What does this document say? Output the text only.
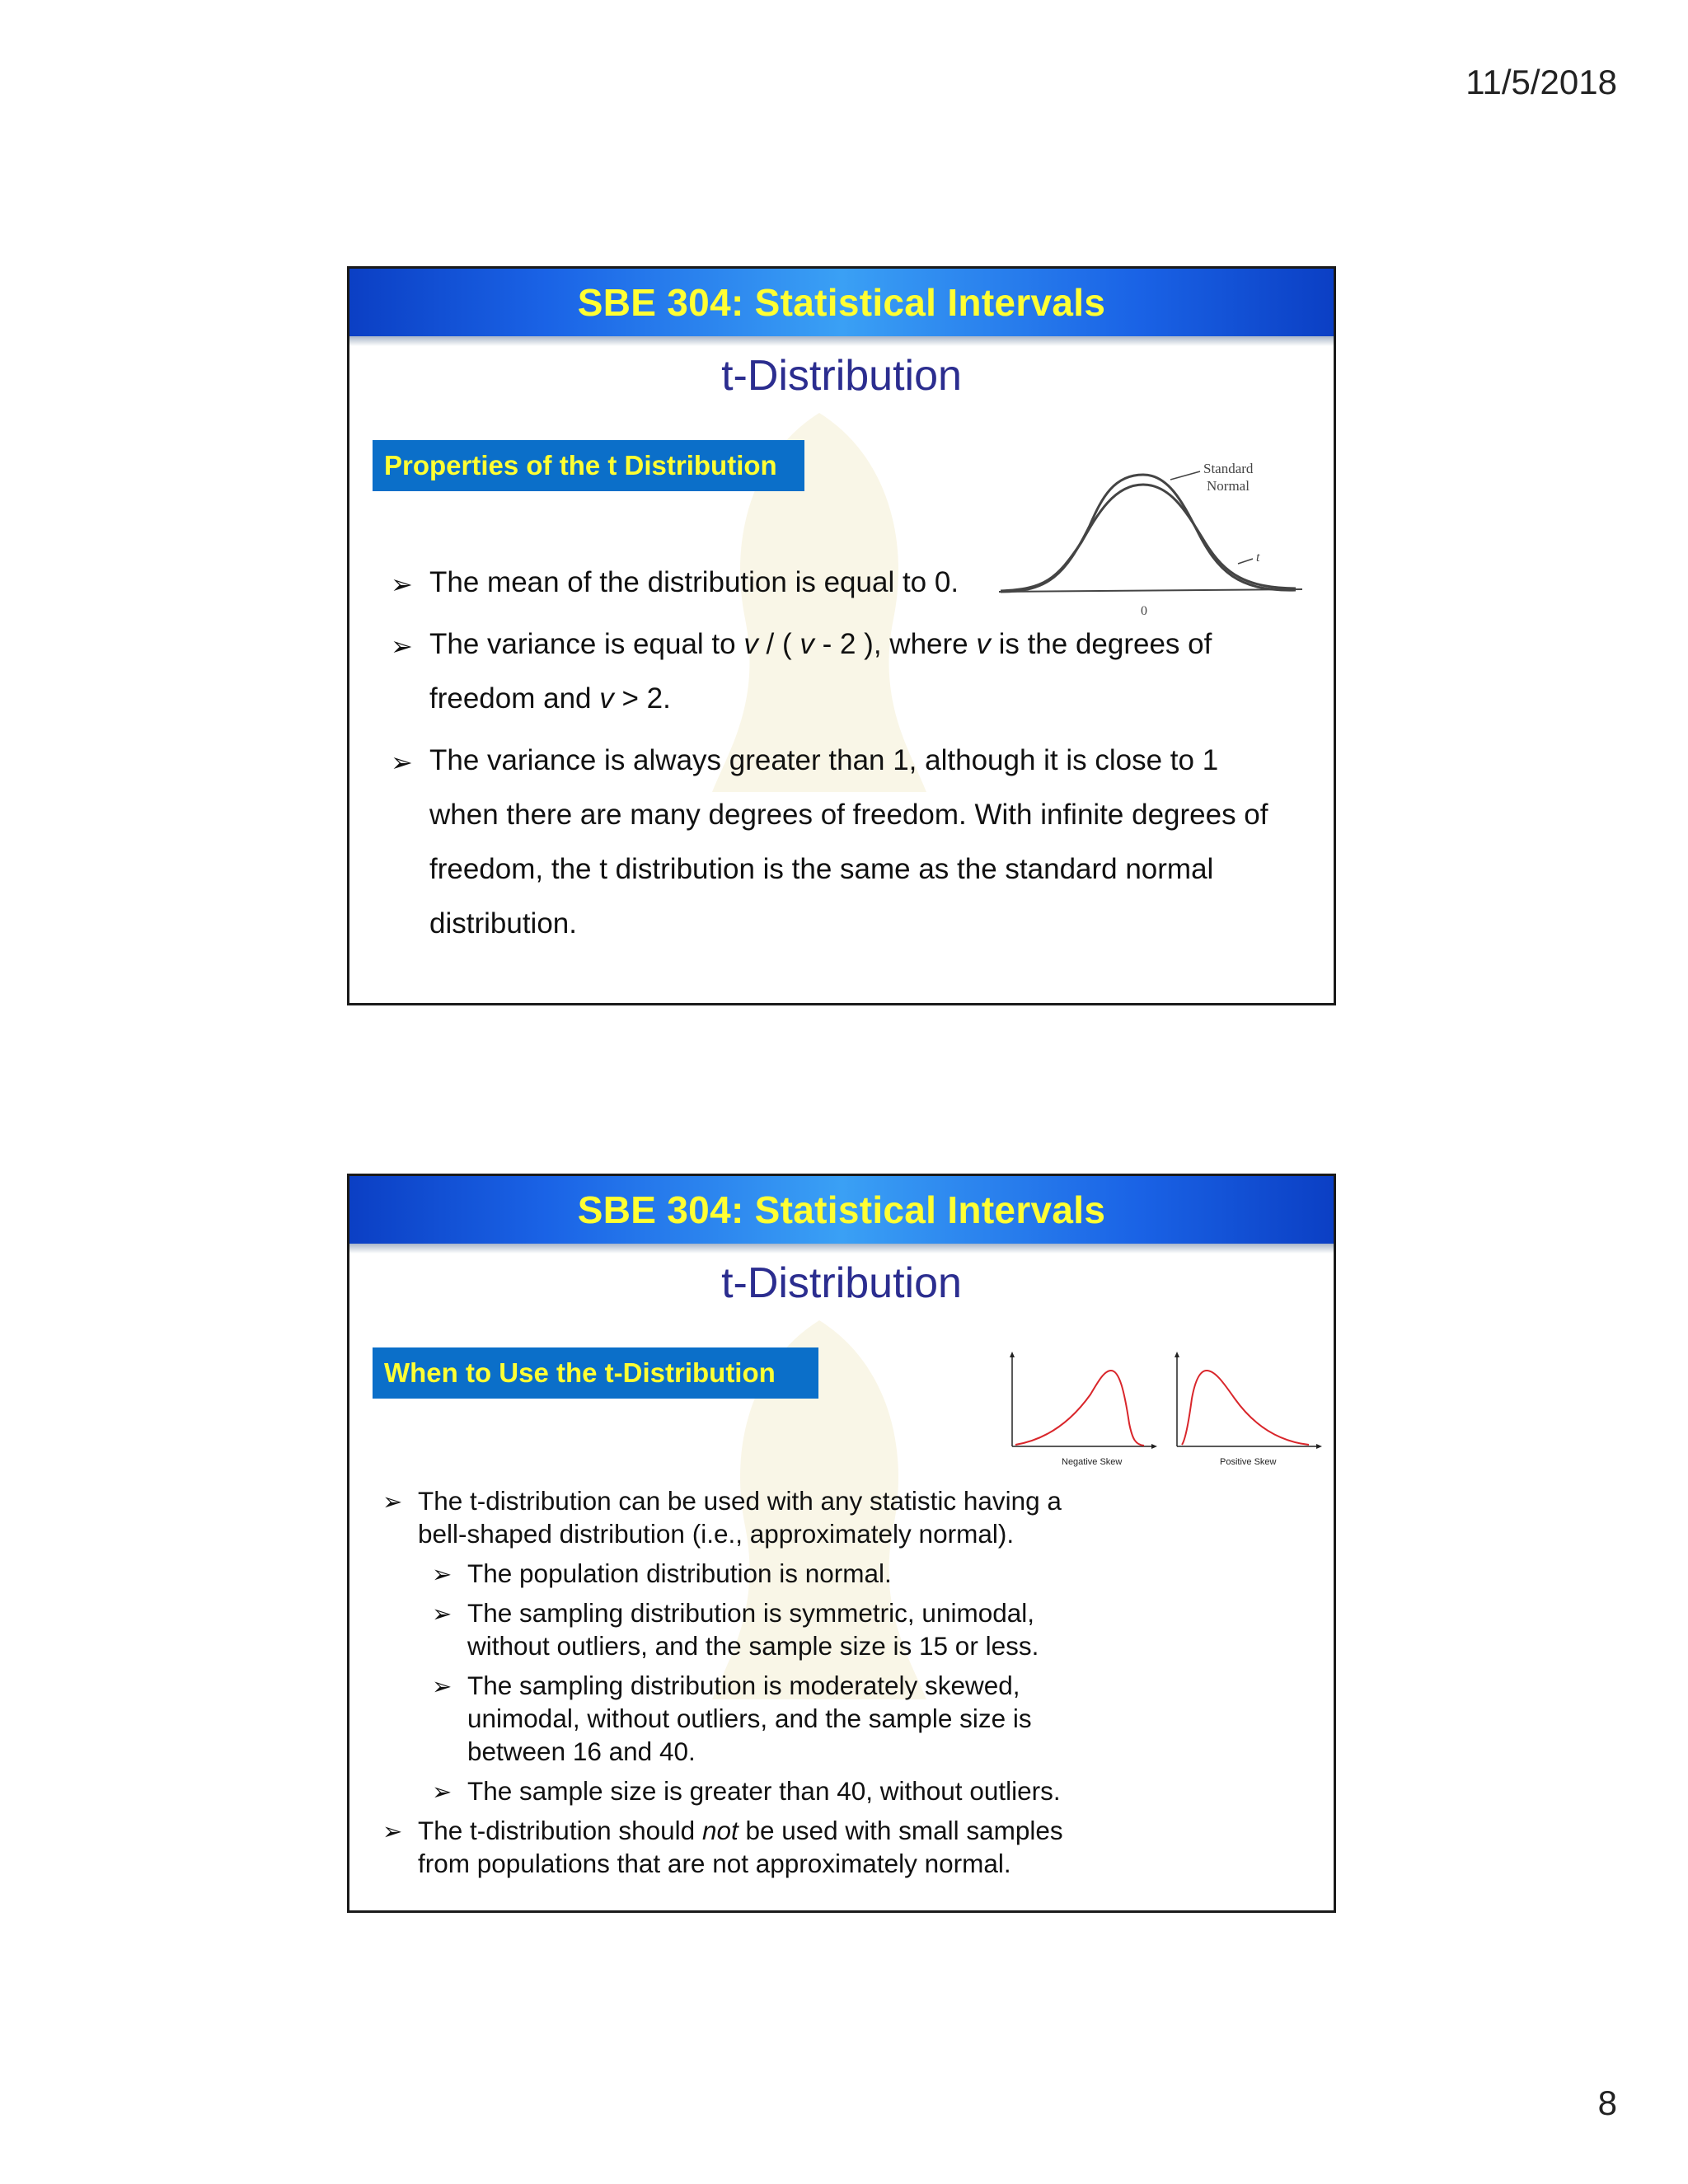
11/5/2018
SBE 304: Statistical Intervals
t-Distribution
Properties of the t Distribution	Standard
Normal
t
0
➢ The mean of the distribution is equal to 0.
➢ The variance is equal to v / ( v - 2 ), where v is the degrees of
freedom and v > 2.
➢ The variance is always greater than 1, although it is close to 1
when there are many degrees of freedom. With infinite degrees of
freedom, the t distribution is the same as the standard normal
distribution.
SBE 304: Statistical Intervals
t-Distribution
When to Use the t-Distribution
Negative Skew	Positive Skew
➢ The t-distribution can be used with any statistic having a
bell-shaped distribution (i.e., approximately normal).
➢ The population distribution is normal.
➢ The sampling distribution is symmetric, unimodal,
without outliers, and the sample size is 15 or less.
➢ The sampling distribution is moderately skewed,
unimodal, without outliers, and the sample size is
between 16 and 40.
➢ The sample size is greater than 40, without outliers.
➢ The t-distribution should not be used with small samples
from populations that are not approximately normal.
8
